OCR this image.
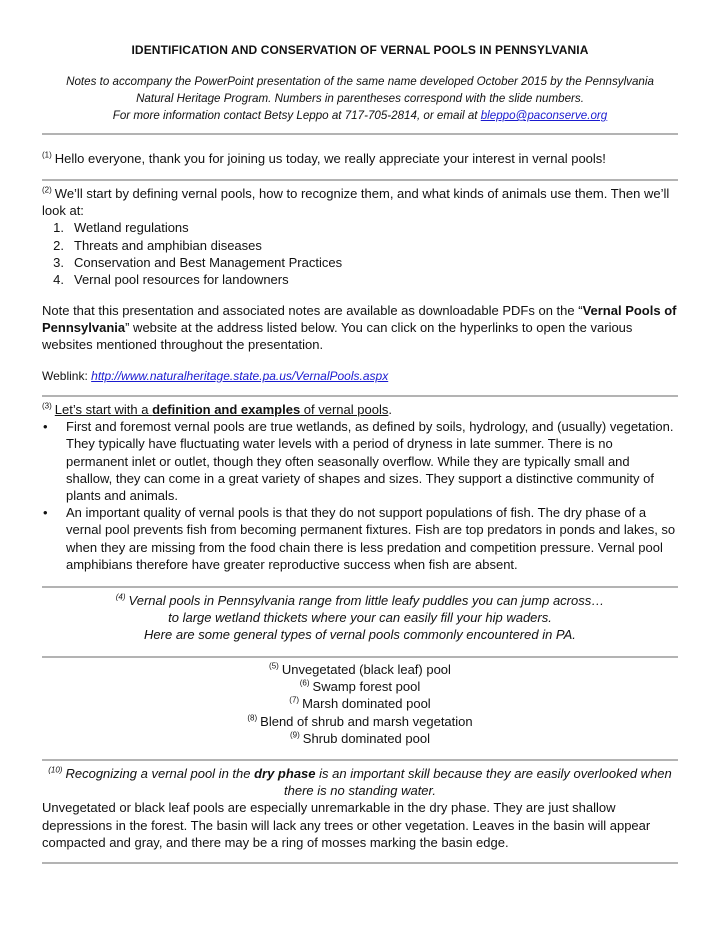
IDENTIFICATION AND CONSERVATION OF VERNAL POOLS IN PENNSYLVANIA
Notes to accompany the PowerPoint presentation of the same name developed October 2015 by the Pennsylvania
Natural Heritage Program. Numbers in parentheses correspond with the slide numbers.
For more information contact Betsy Leppo at 717-705-2814, or email at bleppo@paconserve.org
$^{(1)}$ Hello everyone, thank you for joining us today, we really appreciate your interest in vernal pools!
$^{(2)}$ We’ll start by defining vernal pools, how to recognize them, and what kinds of animals use them. Then we’ll look at:
1. Wetland regulations
2. Threats and amphibian diseases
3. Conservation and Best Management Practices
4. Vernal pool resources for landowners
Note that this presentation and associated notes are available as downloadable PDFs on the “Vernal Pools of Pennsylvania” website at the address listed below. You can click on the hyperlinks to open the various websites mentioned throughout the presentation.
Weblink: http://www.naturalheritage.state.pa.us/VernalPools.aspx
$^{(3)}$ Let’s start with a definition and examples of vernal pools.
• First and foremost vernal pools are true wetlands, as defined by soils, hydrology, and (usually) vegetation. They typically have fluctuating water levels with a period of dryness in late summer. There is no permanent inlet or outlet, though they often seasonally overflow. While they are typically small and shallow, they can come in a great variety of shapes and sizes. They support a distinctive community of plants and animals.
• An important quality of vernal pools is that they do not support populations of fish. The dry phase of a vernal pool prevents fish from becoming permanent fixtures. Fish are top predators in ponds and lakes, so when they are missing from the food chain there is less predation and competition pressure. Vernal pool amphibians therefore have greater reproductive success when fish are absent.
$^{(4)}$ Vernal pools in Pennsylvania range from little leafy puddles you can jump across…
to large wetland thickets where your can easily fill your hip waders.
Here are some general types of vernal pools commonly encountered in PA.
$^{(5)}$ Unvegetated (black leaf) pool
$^{(6)}$ Swamp forest pool
$^{(7)}$ Marsh dominated pool
$^{(8)}$ Blend of shrub and marsh vegetation
$^{(9)}$ Shrub dominated pool
$^{(10)}$ Recognizing a vernal pool in the dry phase is an important skill because they are easily overlooked when
there is no standing water.
Unvegetated or black leaf pools are especially unremarkable in the dry phase. They are just shallow depressions in the forest. The basin will lack any trees or other vegetation. Leaves in the basin will appear compacted and gray, and there may be a ring of mosses marking the basin edge.
